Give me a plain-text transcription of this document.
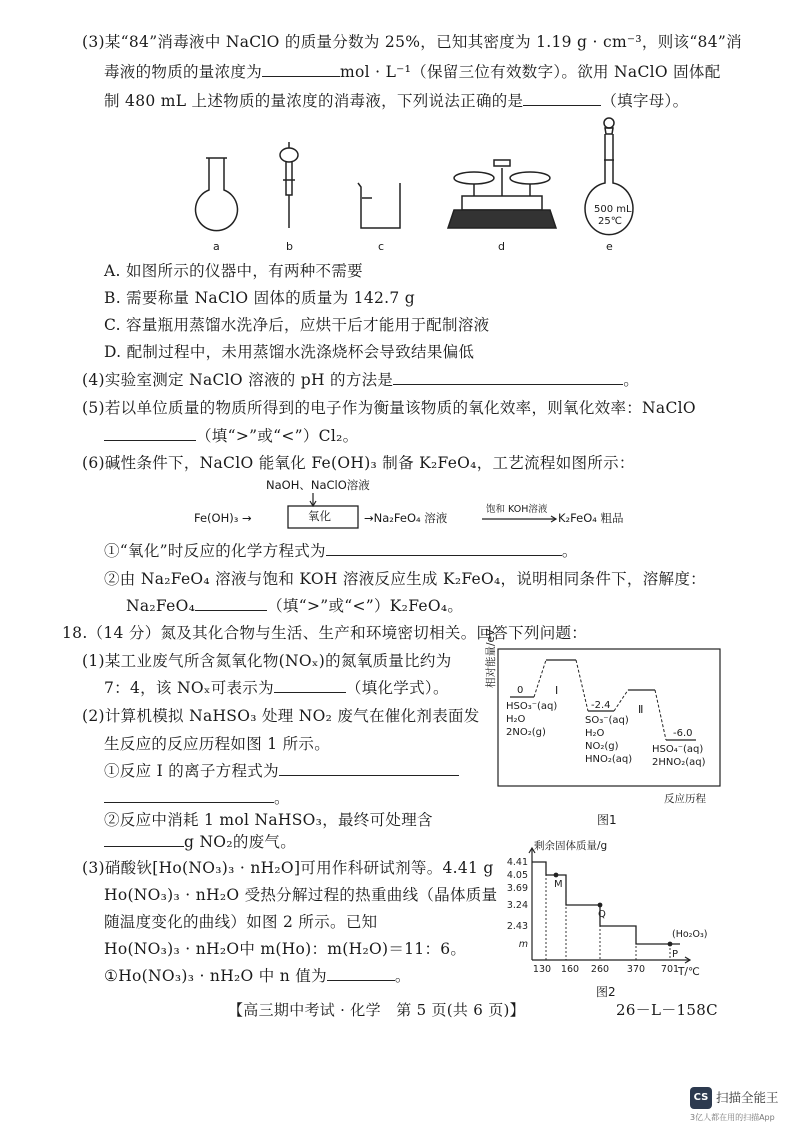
(3)某“84”消毒液中 NaClO 的质量分数为 25%，已知其密度为 1.19 g · cm⁻³，则该“84”消
毒液的物质的量浓度为	mol · L⁻¹（保留三位有效数字）。欲用 NaClO 固体配
制 480 mL 上述物质的量浓度的消毒液，下列说法正确的是	（填字母）。
500 mL
25℃
a	b	c	d	e
A. 如图所示的仪器中，有两种不需要
B. 需要称量 NaClO 固体的质量为 142.7 g
C. 容量瓶用蒸馏水洗净后，应烘干后才能用于配制溶液
D. 配制过程中，未用蒸馏水洗涤烧杯会导致结果偏低
(4)实验室测定 NaClO 溶液的 pH 的方法是	。
(5)若以单位质量的物质所得到的电子作为衡量该物质的氧化效率，则氧化效率：NaClO
（填“>”或“<”）Cl₂。
(6)碱性条件下，NaClO 能氧化 Fe(OH)₃ 制备 K₂FeO₄，工艺流程如图所示：
NaOH、NaClO溶液
Fe(OH)₃ →	氧化	→Na₂FeO₄ 溶液
饱和 KOH溶液
K₂FeO₄ 粗品
①“氧化”时反应的化学方程式为	。
②由 Na₂FeO₄ 溶液与饱和 KOH 溶液反应生成 K₂FeO₄，说明相同条件下，溶解度：
Na₂FeO₄	（填“>”或“<”）K₂FeO₄。
18.（14 分）氮及其化合物与生活、生产和环境密切相关。回答下列问题：
(1)某工业废气所含氮氧化物(NOₓ)的氮氧质量比约为
7：4，该 NOₓ可表示为	（填化学式）。
(2)计算机模拟 NaHSO₃ 处理 NO₂ 废气在催化剂表面发
生反应的反应历程如图 1 所示。
①反应 Ⅰ 的离子方程式为
。
②反应中消耗 1 mol NaHSO₃，最终可处理含
g NO₂的废气。
(3)硝酸钬[Ho(NO₃)₃ · nH₂O]可用作科研试剂等。4.41 g
Ho(NO₃)₃ · nH₂O 受热分解过程的热重曲线（晶体质量
随温度变化的曲线）如图 2 所示。已知
Ho(NO₃)₃ · nH₂O中 m(Ho)：m(H₂O)＝11：6。
①Ho(NO₃)₃ · nH₂O 中 n 值为	。
相对能量/eV
0	Ⅰ
-2.4 Ⅱ
-6.0
HSO₃⁻(aq)
H₂O
2NO₂(g)
SO₃⁻(aq)
H₂O
NO₂(g)
HNO₂(aq)
HSO₄⁻(aq)
2HNO₂(aq)
反应历程
图1
M
Q
P
4.41
4.05
3.69
3.24
2.43
m
130 160 260 370 701
剩余固体质量/g
T/℃
图2
(Ho₂O₃)
【高三期中考试 · 化学　第 5 页(共 6 页)】	26－L－158C
CS 扫描全能王
3亿人都在用的扫描App
